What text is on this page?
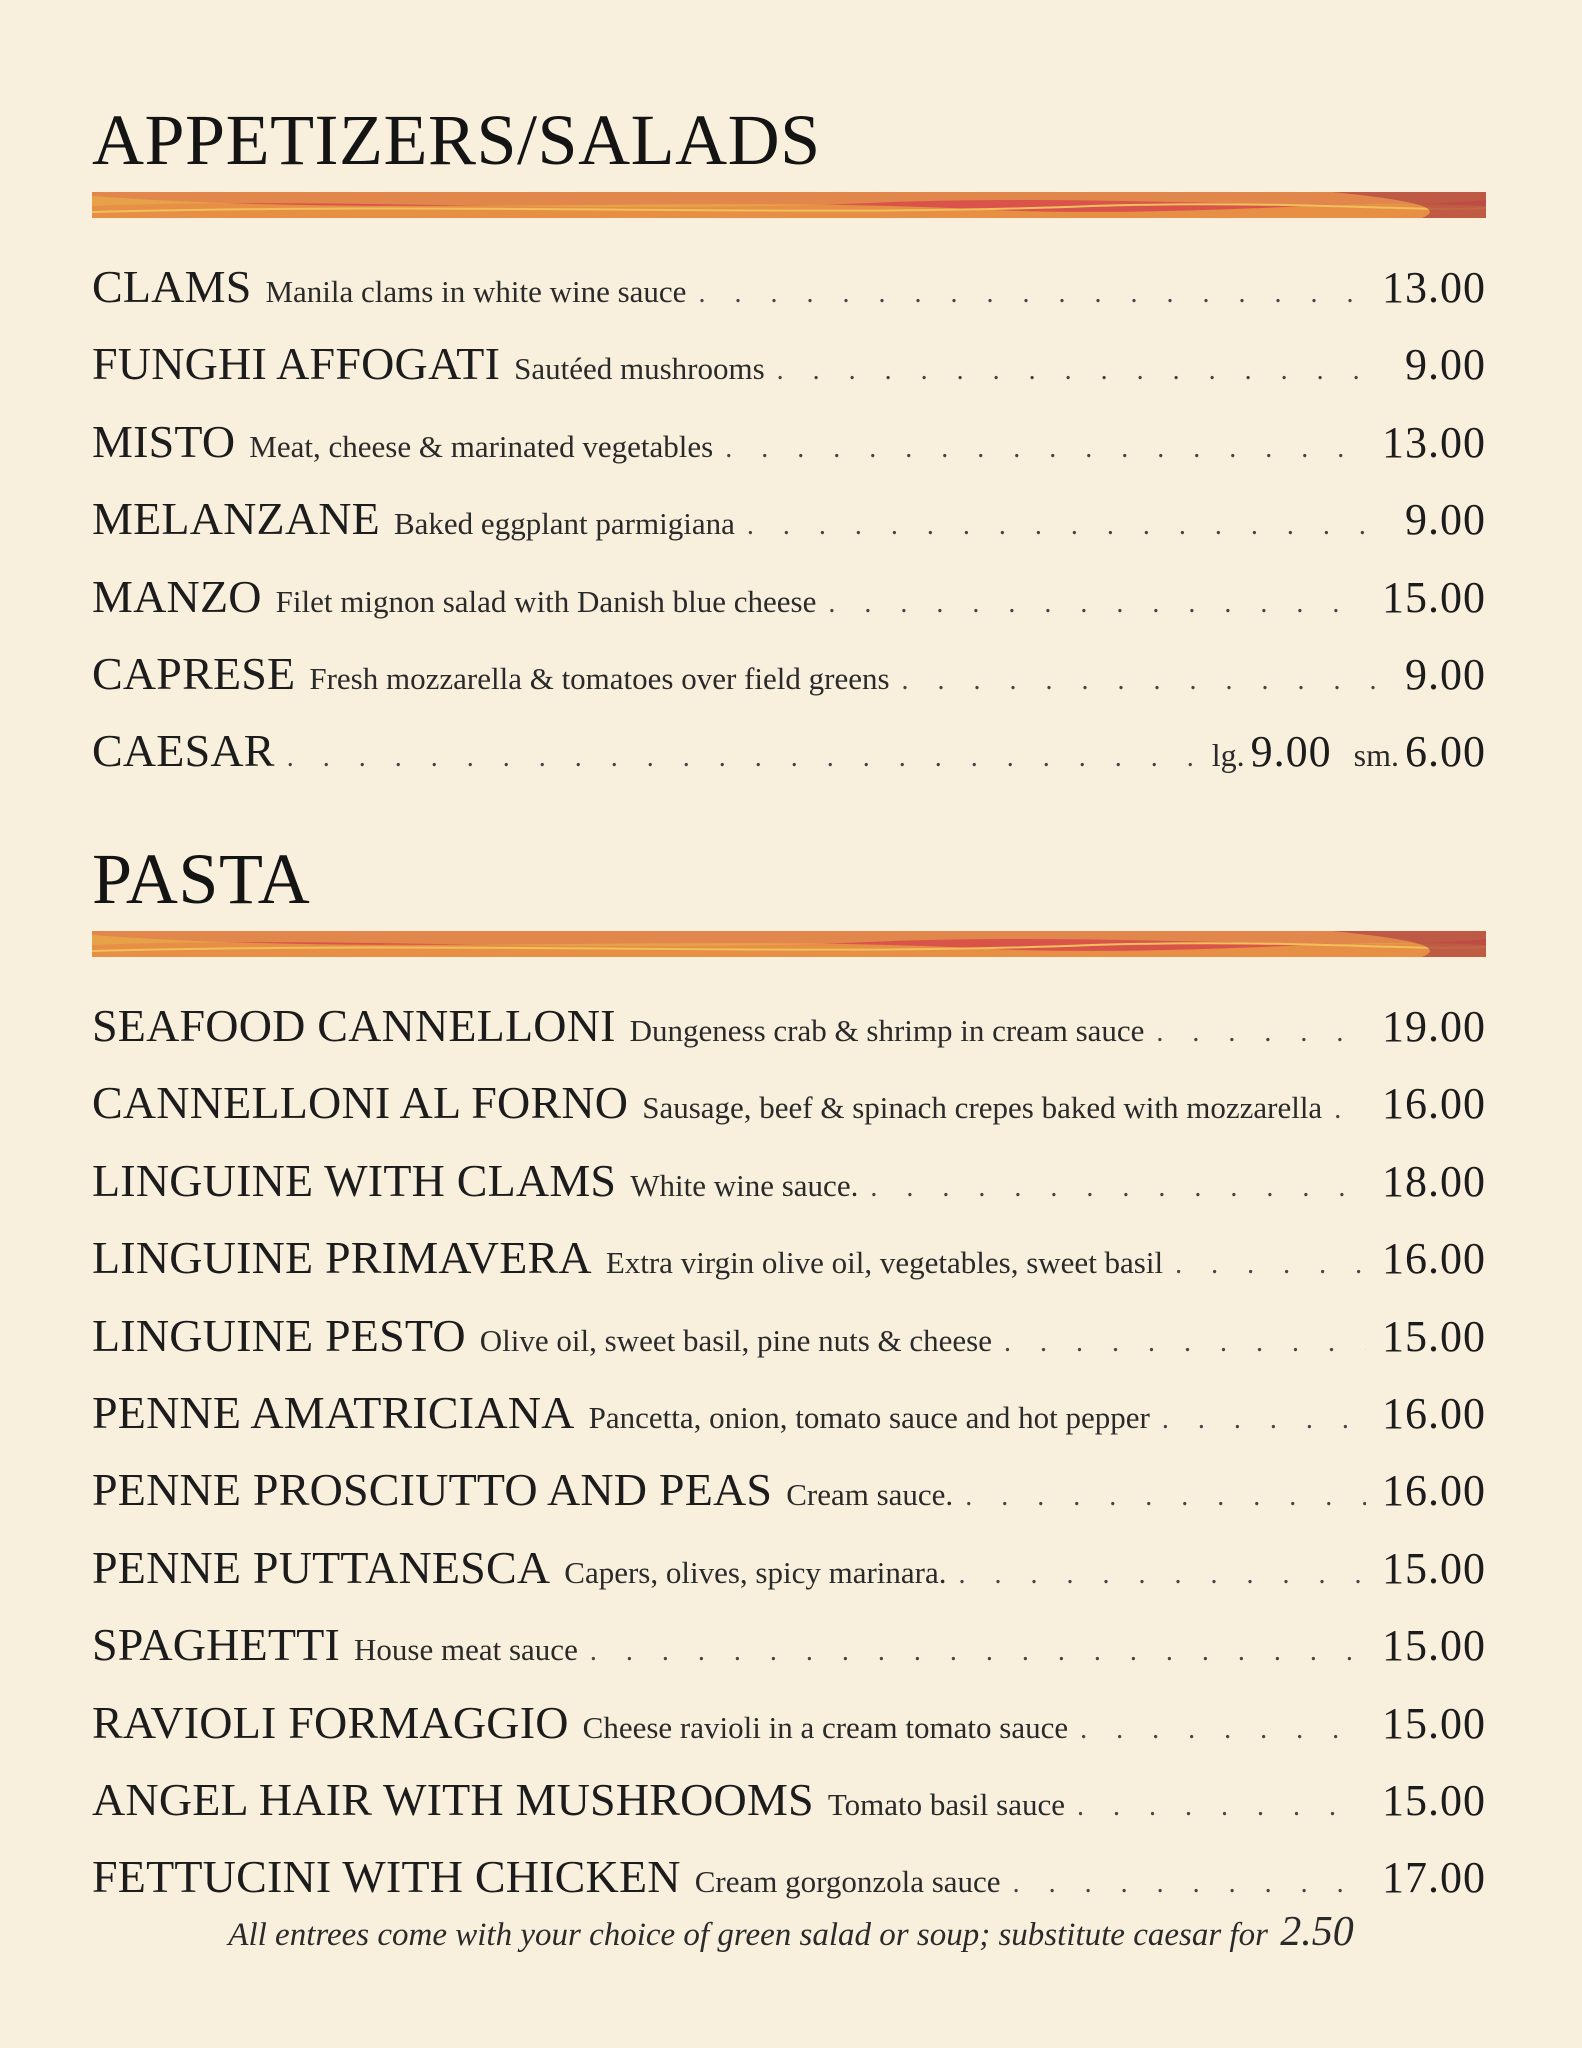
APPETIZERS/SALADS
CLAMS Manila clams in white wine sauce . . .	13.00
FUNGHI AFFOGATI Sautéed mushrooms . . .	9.00
MISTO Meat, cheese & marinated vegetables . . .	13.00
MELANZANE Baked eggplant parmigiana . . .	9.00
MANZO Filet mignon salad with Danish blue cheese . . .	15.00
CAPRESE Fresh mozzarella & tomatoes over field greens . . .	9.00
CAESAR . . .	lg. 9.00 sm. 6.00
PASTA
SEAFOOD CANNELLONI Dungeness crab & shrimp in cream sauce . . .	19.00
CANNELLONI AL FORNO Sausage, beef & spinach crepes baked with mozzarella . . . 16.00
LINGUINE WITH CLAMS White wine sauce. . . .	18.00
LINGUINE PRIMAVERA Extra virgin olive oil, vegetables, sweet basil . . .	16.00
LINGUINE PESTO Olive oil, sweet basil, pine nuts & cheese . . .	15.00
PENNE AMATRICIANA Pancetta, onion, tomato sauce and hot pepper . . .	16.00
PENNE PROSCIUTTO AND PEAS Cream sauce. . . .	16.00
PENNE PUTTANESCA Capers, olives, spicy marinara. . . .	15.00
SPAGHETTI House meat sauce . . .	15.00
RAVIOLI FORMAGGIO Cheese ravioli in a cream tomato sauce . . .	15.00
ANGEL HAIR WITH MUSHROOMS Tomato basil sauce . . .	15.00
FETTUCINI WITH CHICKEN Cream gorgonzola sauce . . .	17.00
All entrees come with your choice of green salad or soup; substitute caesar for 2.50
